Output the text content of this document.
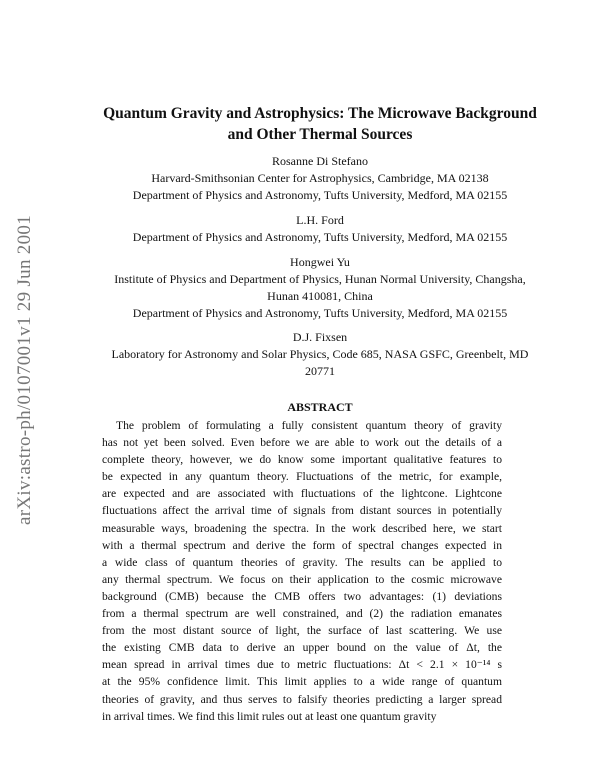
arXiv:astro-ph/0107001v1 29 Jun 2001
Quantum Gravity and Astrophysics: The Microwave Background
and Other Thermal Sources
Rosanne Di Stefano
Harvard-Smithsonian Center for Astrophysics, Cambridge, MA 02138
Department of Physics and Astronomy, Tufts University, Medford, MA 02155
L.H. Ford
Department of Physics and Astronomy, Tufts University, Medford, MA 02155
Hongwei Yu
Institute of Physics and Department of Physics, Hunan Normal University, Changsha,
Hunan 410081, China
Department of Physics and Astronomy, Tufts University, Medford, MA 02155
D.J. Fixsen
Laboratory for Astronomy and Solar Physics, Code 685, NASA GSFC, Greenbelt, MD
20771
ABSTRACT
The problem of formulating a fully consistent quantum theory of gravity
has not yet been solved. Even before we are able to work out the details of a
complete theory, however, we do know some important qualitative features to
be expected in any quantum theory. Fluctuations of the metric, for example,
are expected and are associated with fluctuations of the lightcone. Lightcone
fluctuations affect the arrival time of signals from distant sources in potentially
measurable ways, broadening the spectra. In the work described here, we start
with a thermal spectrum and derive the form of spectral changes expected in
a wide class of quantum theories of gravity. The results can be applied to
any thermal spectrum. We focus on their application to the cosmic microwave
background (CMB) because the CMB offers two advantages: (1) deviations
from a thermal spectrum are well constrained, and (2) the radiation emanates
from the most distant source of light, the surface of last scattering. We use
the existing CMB data to derive an upper bound on the value of Δt, the
mean spread in arrival times due to metric fluctuations: Δt < 2.1 × 10⁻¹⁴ s
at the 95% confidence limit. This limit applies to a wide range of quantum
theories of gravity, and thus serves to falsify theories predicting a larger spread
in arrival times. We find this limit rules out at least one quantum gravity
